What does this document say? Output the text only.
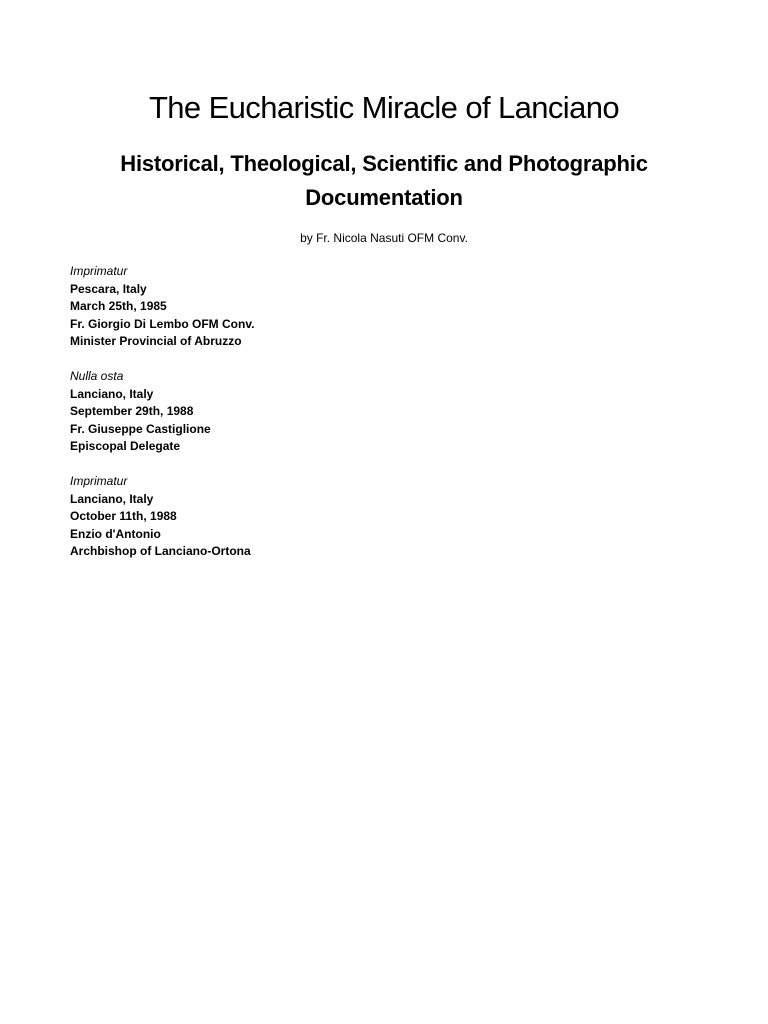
The Eucharistic Miracle of Lanciano
Historical, Theological, Scientific and Photographic Documentation

by Fr. Nicola Nasuti OFM Conv.

Imprimatur
Pescara, Italy
March 25th, 1985
Fr. Giorgio Di Lembo OFM Conv.
Minister Provincial of Abruzzo
Nulla osta
Lanciano, Italy
September 29th, 1988
Fr. Giuseppe Castiglione
Episcopal Delegate
Imprimatur
Lanciano, Italy
October 11th, 1988
Enzio d'Antonio
Archbishop of Lanciano-Ortona
